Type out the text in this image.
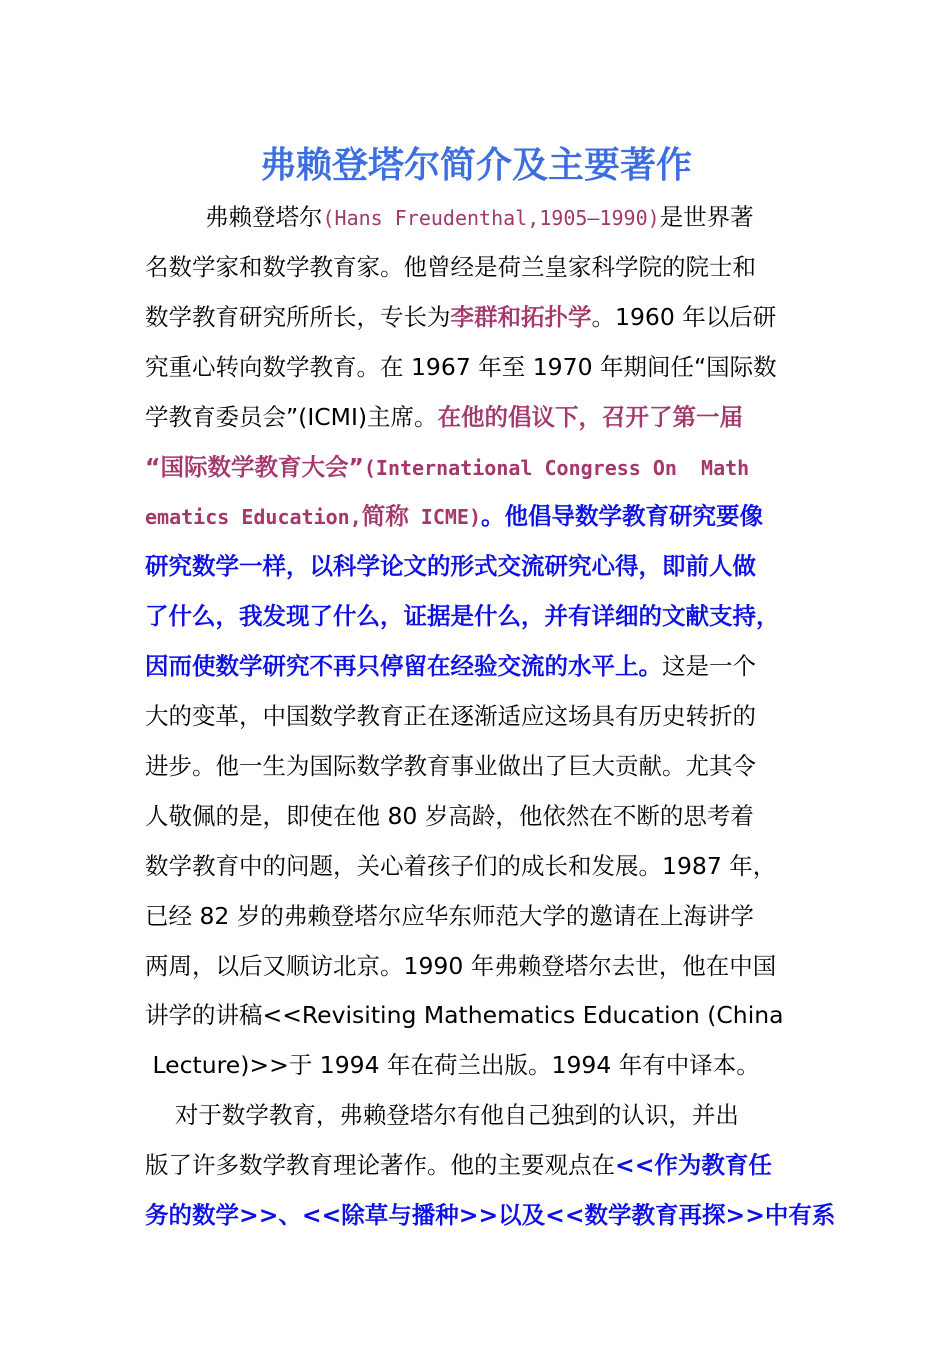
弗赖登塔尔简介及主要著作
弗赖登塔尔(Hans Freudenthal,1905—1990)是世界著
名数学家和数学教育家。他曾经是荷兰皇家科学院的院士和
数学教育研究所所长，专长为李群和拓扑学。1960 年以后研
究重心转向数学教育。在 1967 年至 1970 年期间任“国际数
学教育委员会”(ICMI)主席。在他的倡议下，召开了第一届
“国际数学教育大会”(International Congress On  Math
ematics Education,简称 ICME)。他倡导数学教育研究要像
研究数学一样，以科学论文的形式交流研究心得，即前人做
了什么，我发现了什么，证据是什么，并有详细的文献支持，
因而使数学研究不再只停留在经验交流的水平上。这是一个
大的变革，中国数学教育正在逐渐适应这场具有历史转折的
进步。他一生为国际数学教育事业做出了巨大贡献。尤其令
人敬佩的是，即使在他 80 岁高龄，他依然在不断的思考着
数学教育中的问题，关心着孩子们的成长和发展。1987 年，
已经 82 岁的弗赖登塔尔应华东师范大学的邀请在上海讲学
两周，以后又顺访北京。1990 年弗赖登塔尔去世，他在中国
讲学的讲稿<<Revisiting Mathematics Education (China
Lecture)>>于 1994 年在荷兰出版。1994 年有中译本。
对于数学教育，弗赖登塔尔有他自己独到的认识，并出
版了许多数学教育理论著作。他的主要观点在<<作为教育任
务的数学>>、<<除草与播种>>以及<<数学教育再探>>中有系
